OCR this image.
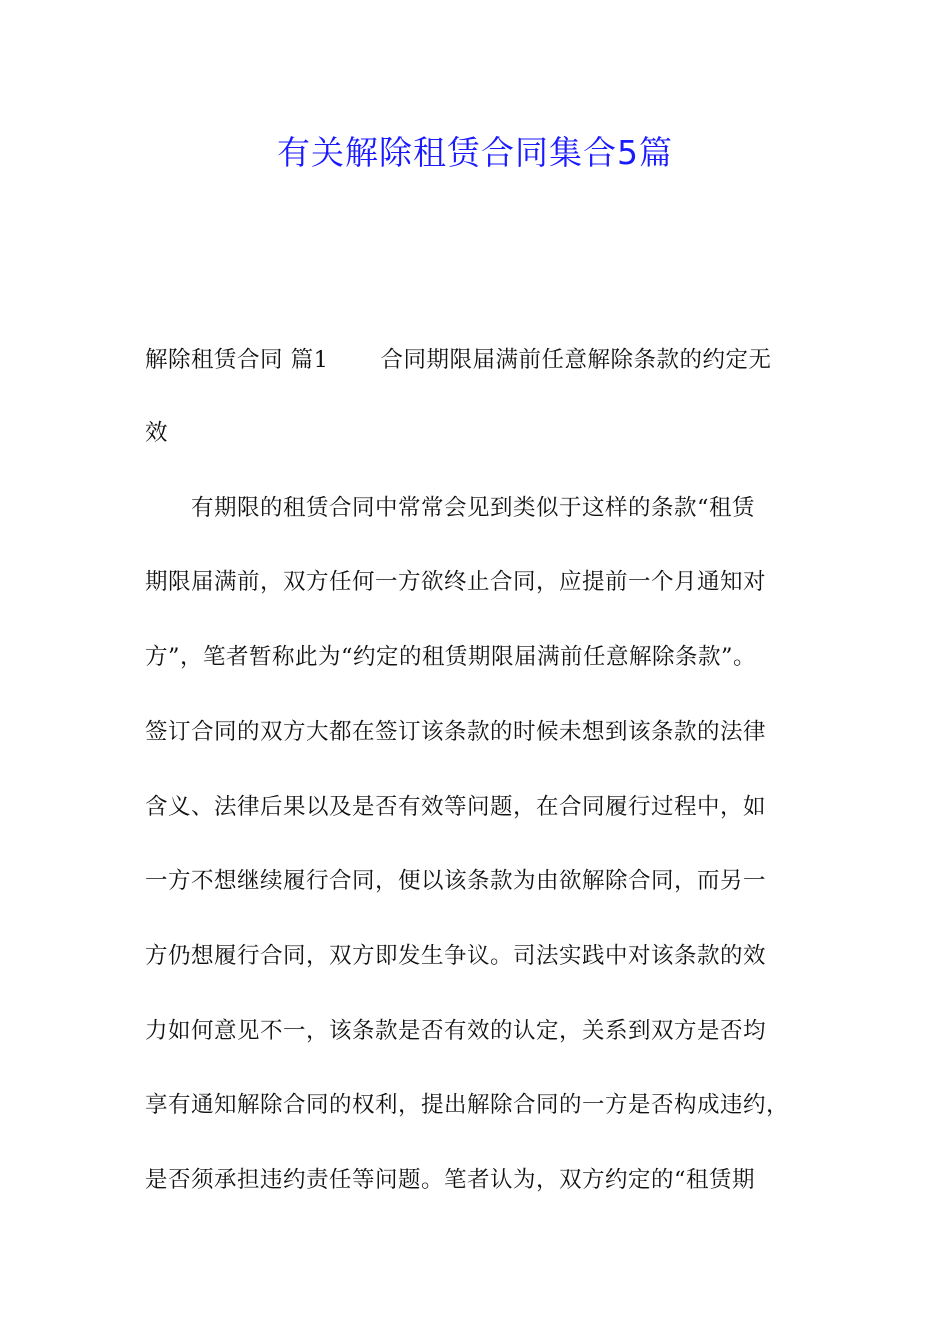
有关解除租赁合同集合5篇
解除租赁合同 篇1 合同期限届满前任意解除条款的约定无
效
　　有期限的租赁合同中常常会见到类似于这样的条款“租赁
期限届满前，双方任何一方欲终止合同，应提前一个月通知对
方”，笔者暂称此为“约定的租赁期限届满前任意解除条款”。
签订合同的双方大都在签订该条款的时候未想到该条款的法律
含义、法律后果以及是否有效等问题，在合同履行过程中，如
一方不想继续履行合同，便以该条款为由欲解除合同，而另一
方仍想履行合同，双方即发生争议。司法实践中对该条款的效
力如何意见不一，该条款是否有效的认定，关系到双方是否均
享有通知解除合同的权利，提出解除合同的一方是否构成违约，
是否须承担违约责任等问题。笔者认为，双方约定的“租赁期
